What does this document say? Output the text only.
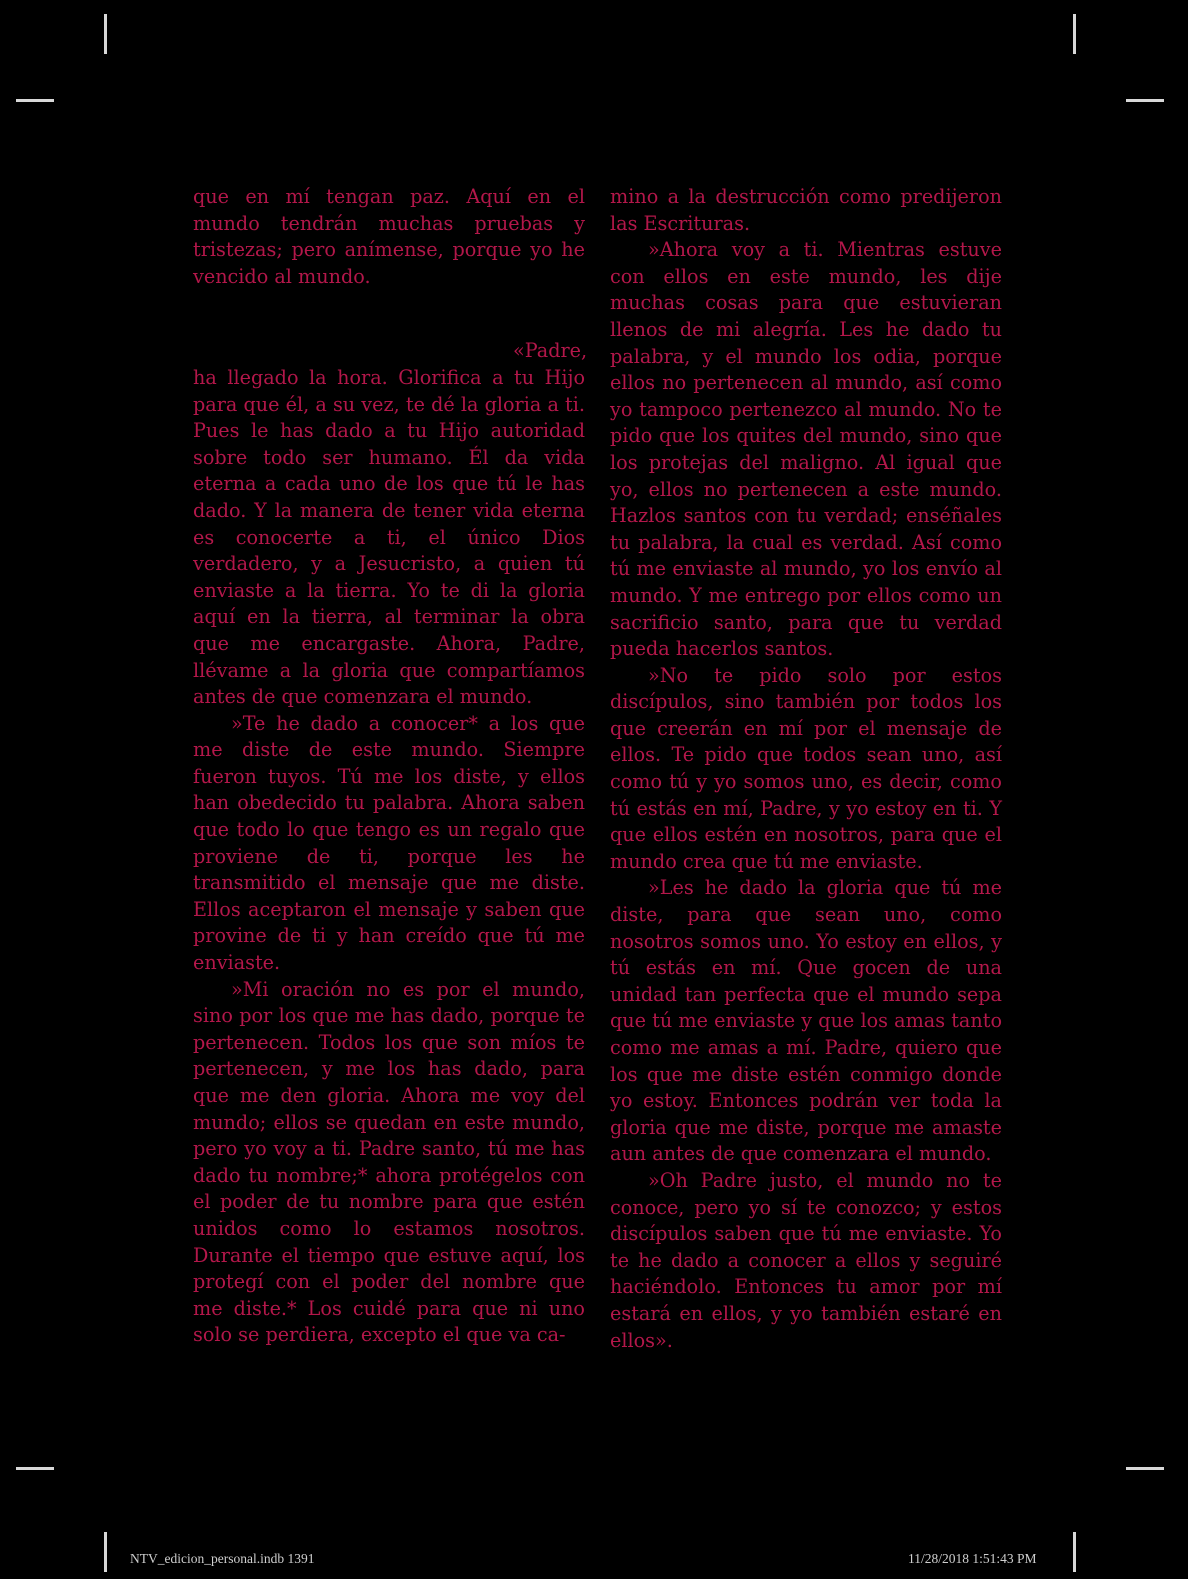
que en mí tengan paz. Aquí en el mundo tendrán muchas pruebas y tristezas; pero anímense, porque yo he vencido al mundo.

«Padre, ha llegado la hora. Glorifica a tu Hijo para que él, a su vez, te dé la gloria a ti. Pues le has dado a tu Hijo autoridad sobre todo ser humano. Él da vida eterna a cada uno de los que tú le has dado. Y la manera de tener vida eterna es conocerte a ti, el único Dios verdadero, y a Jesucristo, a quien tú enviaste a la tierra. Yo te di la gloria aquí en la tierra, al terminar la obra que me encargaste. Ahora, Padre, llévame a la gloria que compartíamos antes de que comenzara el mundo.

»Te he dado a conocer* a los que me diste de este mundo. Siempre fueron tuyos. Tú me los diste, y ellos han obedecido tu palabra. Ahora saben que todo lo que tengo es un regalo que proviene de ti, porque les he transmitido el mensaje que me diste. Ellos aceptaron el mensaje y saben que provine de ti y han creído que tú me enviaste.

»Mi oración no es por el mundo, sino por los que me has dado, porque te pertenecen. Todos los que son míos te pertenecen, y me los has dado, para que me den gloria. Ahora me voy del mundo; ellos se quedan en este mundo, pero yo voy a ti. Padre santo, tú me has dado tu nombre;* ahora protégelos con el poder de tu nombre para que estén unidos como lo estamos nosotros. Durante el tiempo que estuve aquí, los protegí con el poder del nombre que me diste.* Los cuidé para que ni uno solo se perdiera, excepto el que va ca-

mino a la destrucción como predijeron las Escrituras.

»Ahora voy a ti. Mientras estuve con ellos en este mundo, les dije muchas cosas para que estuvieran llenos de mi alegría. Les he dado tu palabra, y el mundo los odia, porque ellos no pertenecen al mundo, así como yo tampoco pertenezco al mundo. No te pido que los quites del mundo, sino que los protejas del maligno. Al igual que yo, ellos no pertenecen a este mundo. Hazlos santos con tu verdad; enséñales tu palabra, la cual es verdad. Así como tú me enviaste al mundo, yo los envío al mundo. Y me entrego por ellos como un sacrificio santo, para que tu verdad pueda hacerlos santos.

»No te pido solo por estos discípulos, sino también por todos los que creerán en mí por el mensaje de ellos. Te pido que todos sean uno, así como tú y yo somos uno, es decir, como tú estás en mí, Padre, y yo estoy en ti. Y que ellos estén en nosotros, para que el mundo crea que tú me enviaste.

»Les he dado la gloria que tú me diste, para que sean uno, como nosotros somos uno. Yo estoy en ellos, y tú estás en mí. Que gocen de una unidad tan perfecta que el mundo sepa que tú me enviaste y que los amas tanto como me amas a mí. Padre, quiero que los que me diste estén conmigo donde yo estoy. Entonces podrán ver toda la gloria que me diste, porque me amaste aun antes de que comenzara el mundo.

»Oh Padre justo, el mundo no te conoce, pero yo sí te conozco; y estos discípulos saben que tú me enviaste. Yo te he dado a conocer a ellos y seguiré haciéndolo. Entonces tu amor por mí estará en ellos, y yo también estaré en ellos».

NTV_edicion_personal.indb 1391	11/28/2018 1:51:43 PM
